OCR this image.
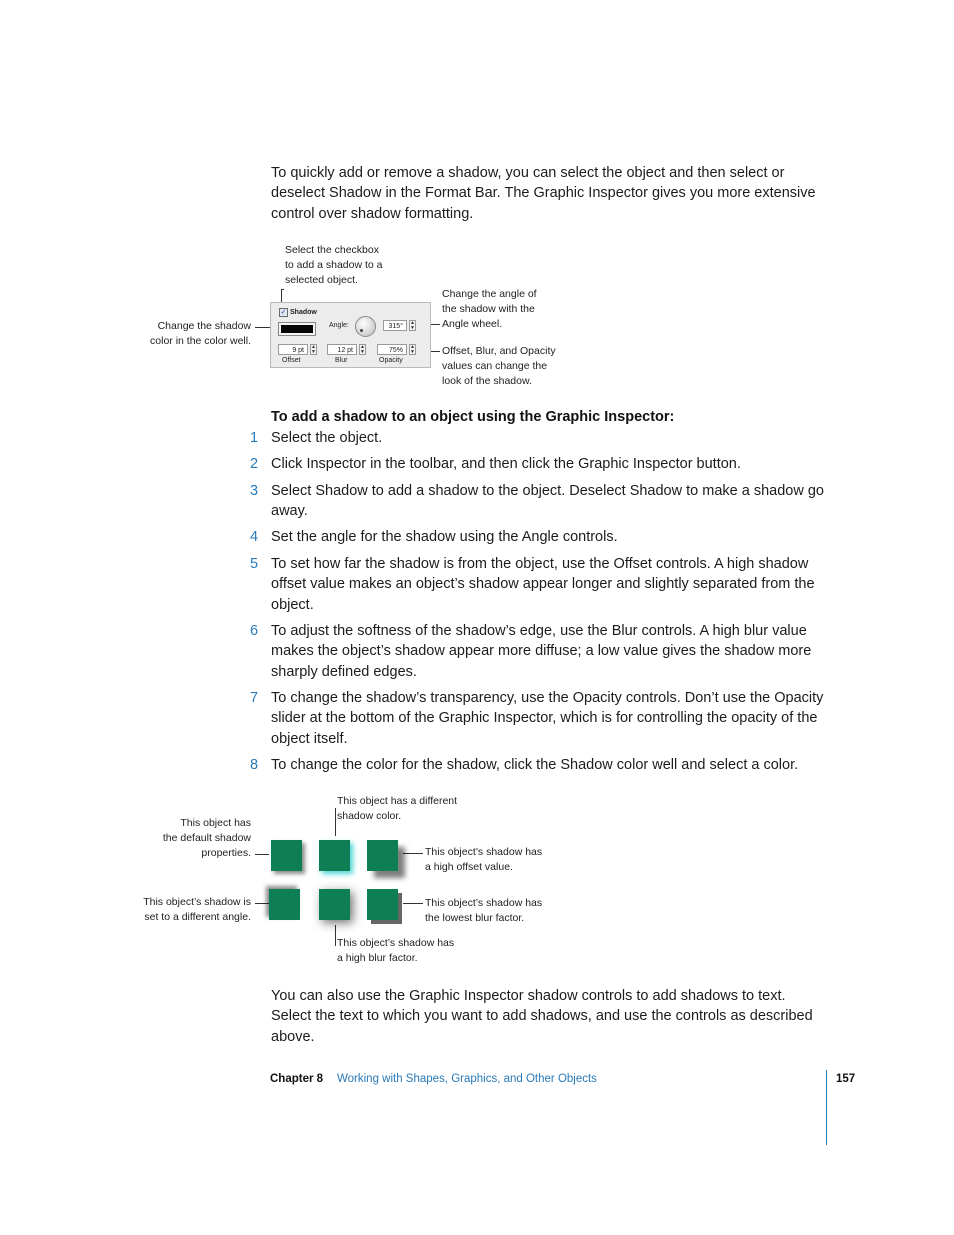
To quickly add or remove a shadow, you can select the object and then select or deselect Shadow in the Format Bar. The Graphic Inspector gives you more extensive control over shadow formatting.
Select the checkbox
to add a shadow to a
selected object.
Change the shadow
color in the color well.
Change the angle of
the shadow with the
Angle wheel.
Offset, Blur, and Opacity
values can change the
look of the shadow.
✓ Shadow
Angle:	315°	▲
▼
9 pt	▲
▼	12 pt	▲
▼	75%	▲
▼
Offset	Blur	Opacity
To add a shadow to an object using the Graphic Inspector:
1 Select the object.
2 Click Inspector in the toolbar, and then click the Graphic Inspector button.
3 Select Shadow to add a shadow to the object. Deselect Shadow to make a shadow go away.
4 Set the angle for the shadow using the Angle controls.
5 To set how far the shadow is from the object, use the Offset controls. A high shadow offset value makes an object’s shadow appear longer and slightly separated from the object.
6 To adjust the softness of the shadow’s edge, use the Blur controls. A high blur value makes the object’s shadow appear more diffuse; a low value gives the shadow more sharply defined edges.
7 To change the shadow’s transparency, use the Opacity controls. Don’t use the Opacity slider at the bottom of the Graphic Inspector, which is for controlling the opacity of the object itself.
8 To change the color for the shadow, click the Shadow color well and select a color.
This object has a different
shadow color.
This object has
the default shadow
properties.	This object’s shadow has
a high offset value.
This object’s shadow is
set to a different angle.
This object’s shadow has
the lowest blur factor.
This object’s shadow has
a high blur factor.
You can also use the Graphic Inspector shadow controls to add shadows to text. Select the text to which you want to add shadows, and use the controls as described above.
Chapter 8 Working with Shapes, Graphics, and Other Objects	157
